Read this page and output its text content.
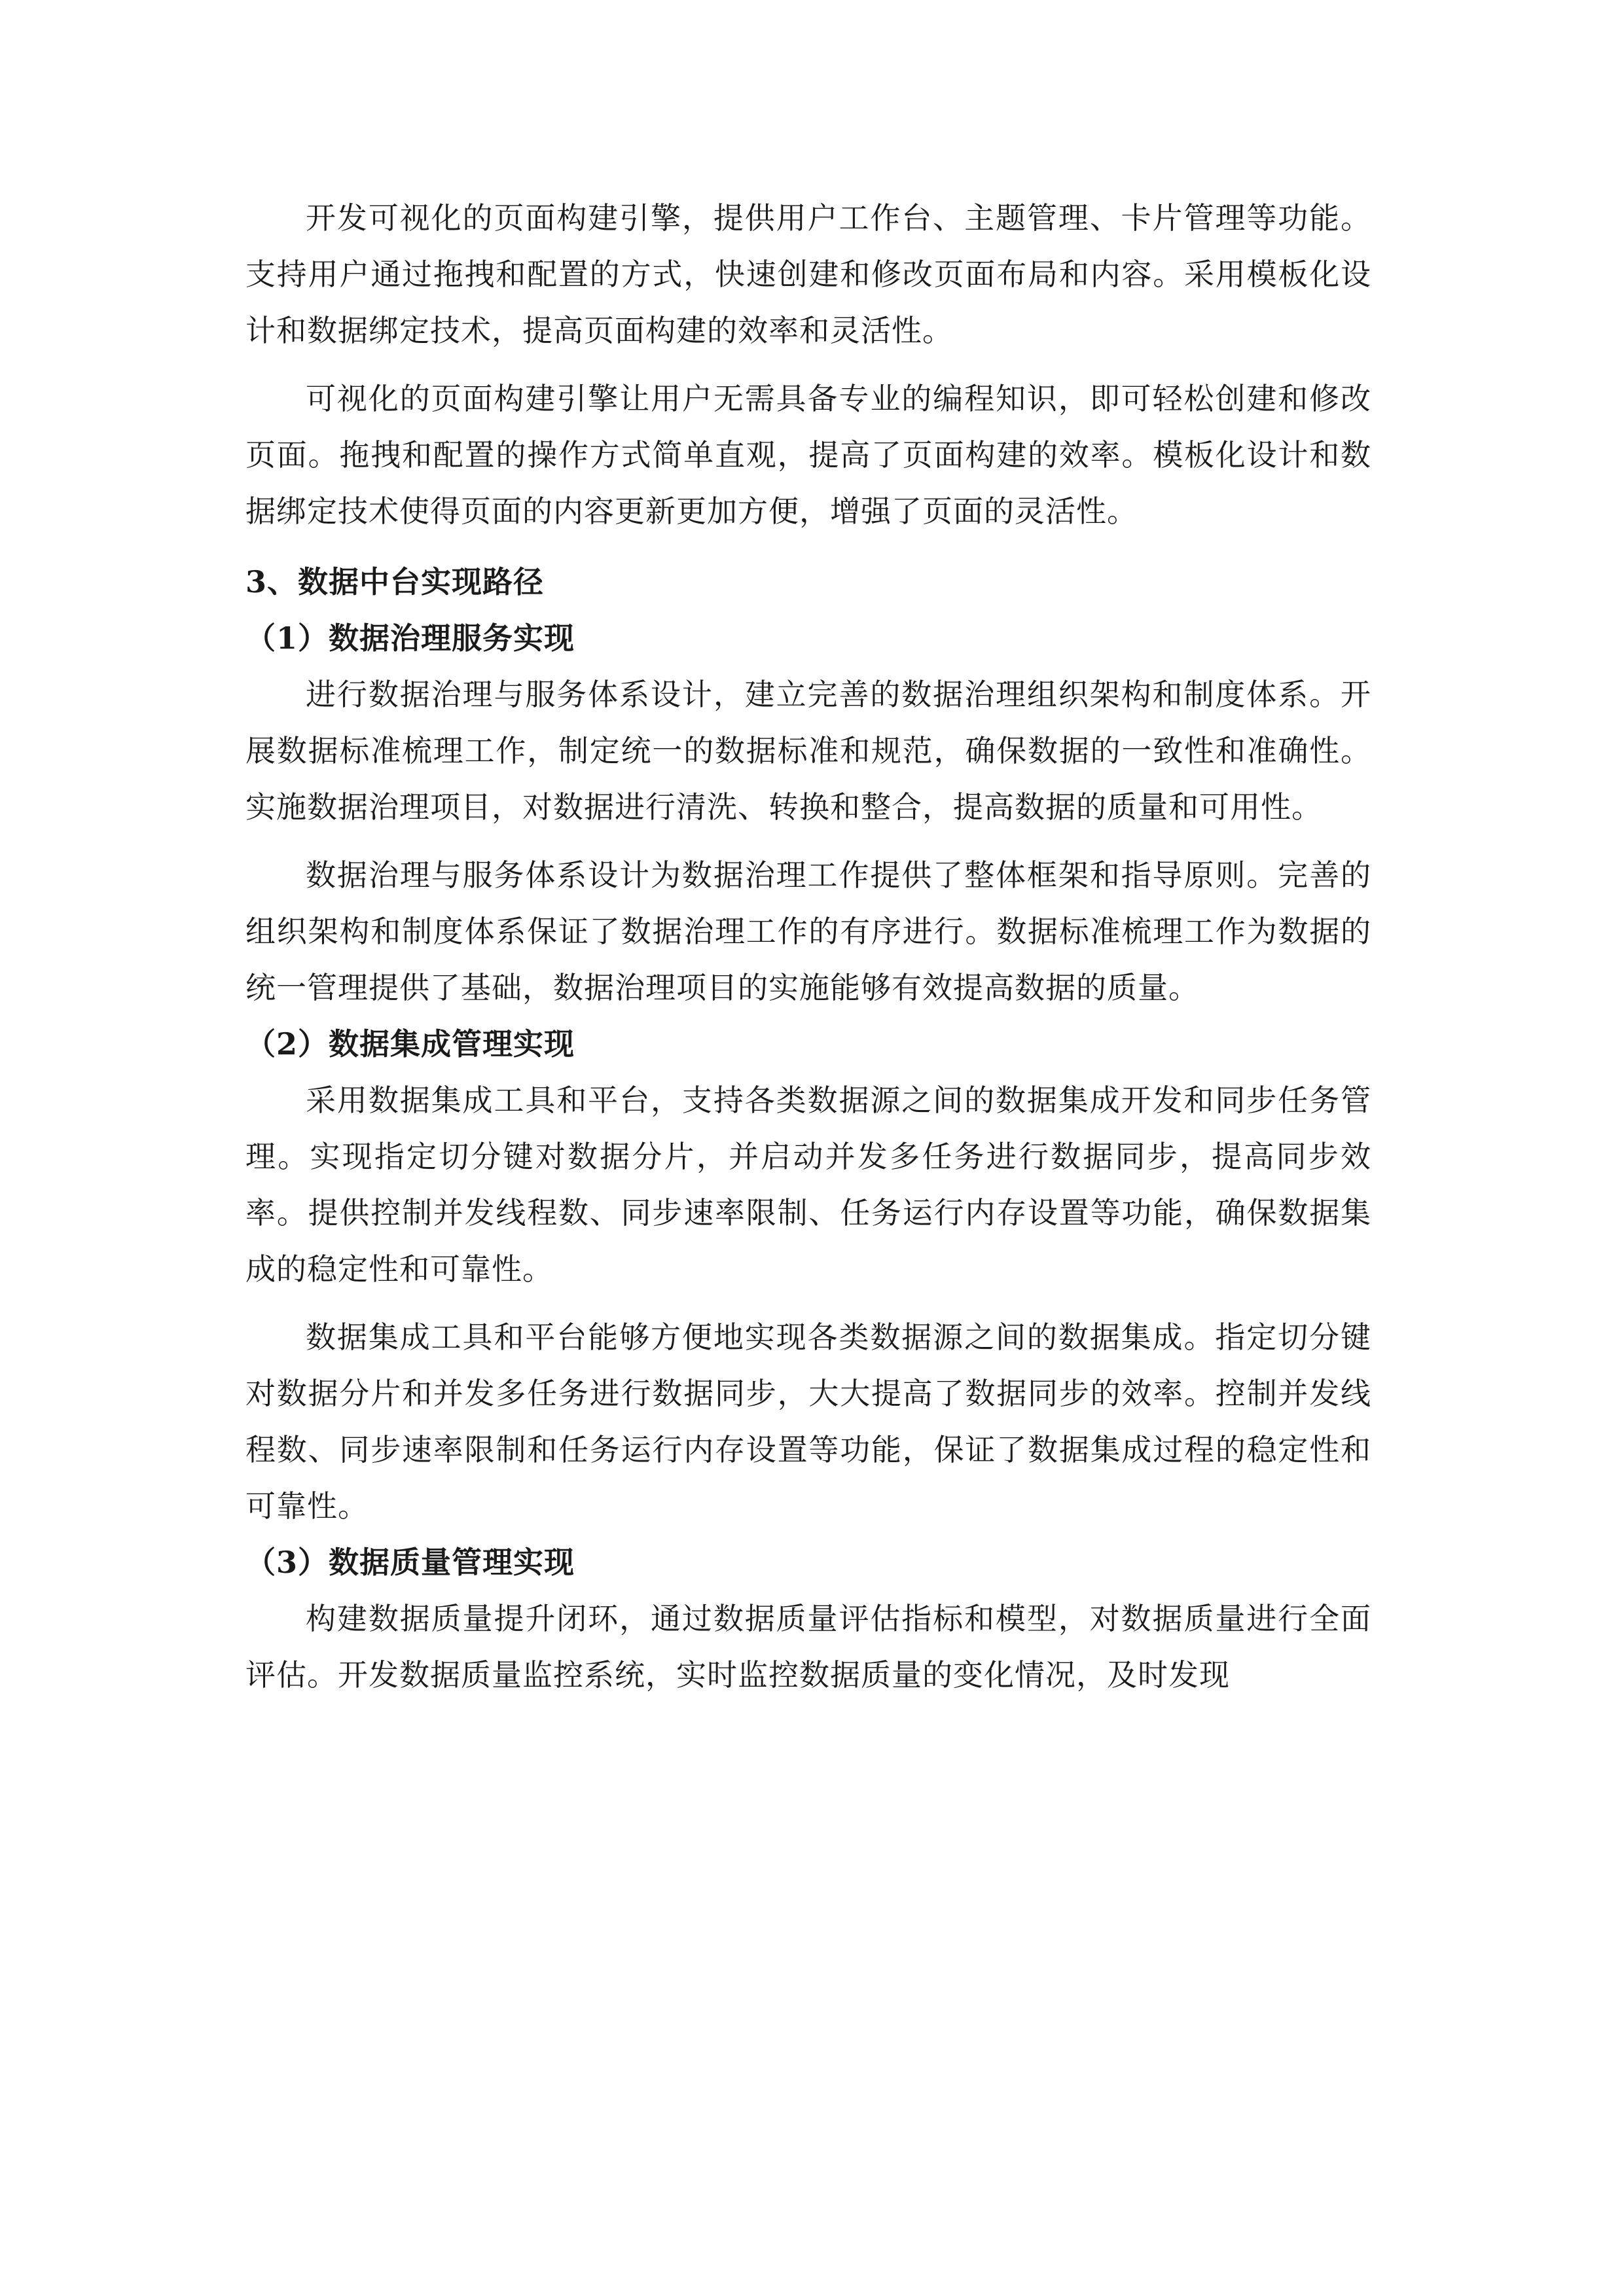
开发可视化的页面构建引擎，提供用户工作台、主题管理、卡片管理等功能。支持用户通过拖拽和配置的方式，快速创建和修改页面布局和内容。采用模板化设计和数据绑定技术，提高页面构建的效率和灵活性。

可视化的页面构建引擎让用户无需具备专业的编程知识，即可轻松创建和修改页面。拖拽和配置的操作方式简单直观，提高了页面构建的效率。模板化设计和数据绑定技术使得页面的内容更新更加方便，增强了页面的灵活性。

3、数据中台实现路径
（1）数据治理服务实现

进行数据治理与服务体系设计，建立完善的数据治理组织架构和制度体系。开展数据标准梳理工作，制定统一的数据标准和规范，确保数据的一致性和准确性。实施数据治理项目，对数据进行清洗、转换和整合，提高数据的质量和可用性。

数据治理与服务体系设计为数据治理工作提供了整体框架和指导原则。完善的组织架构和制度体系保证了数据治理工作的有序进行。数据标准梳理工作为数据的统一管理提供了基础，数据治理项目的实施能够有效提高数据的质量。

（2）数据集成管理实现

采用数据集成工具和平台，支持各类数据源之间的数据集成开发和同步任务管理。实现指定切分键对数据分片，并启动并发多任务进行数据同步，提高同步效率。提供控制并发线程数、同步速率限制、任务运行内存设置等功能，确保数据集成的稳定性和可靠性。

数据集成工具和平台能够方便地实现各类数据源之间的数据集成。指定切分键对数据分片和并发多任务进行数据同步，大大提高了数据同步的效率。控制并发线程数、同步速率限制和任务运行内存设置等功能，保证了数据集成过程的稳定性和可靠性。

（3）数据质量管理实现

构建数据质量提升闭环，通过数据质量评估指标和模型，对数据质量进行全面评估。开发数据质量监控系统，实时监控数据质量的变化情况，及时发现
